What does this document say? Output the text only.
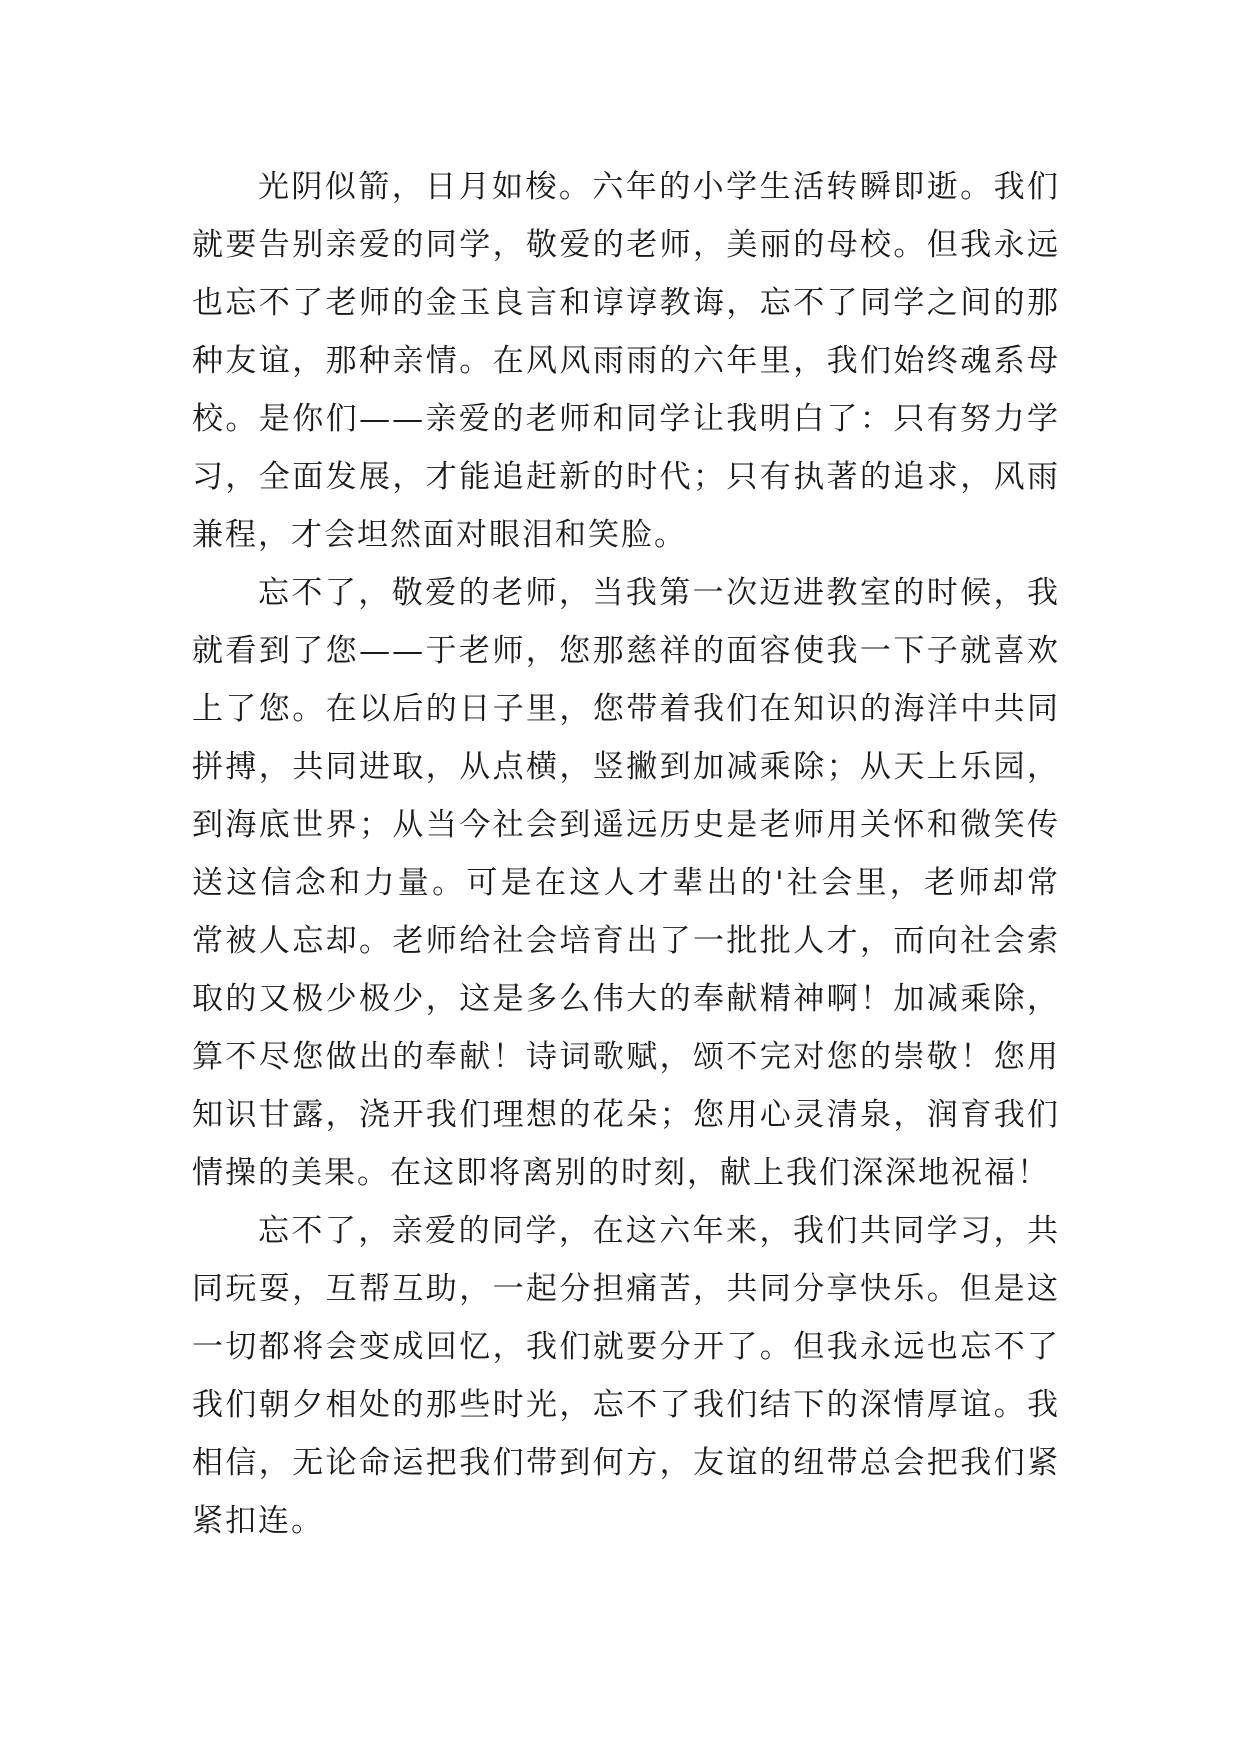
光阴似箭，日月如梭。六年的小学生活转瞬即逝。我们就要告别亲爱的同学，敬爱的老师，美丽的母校。但我永远也忘不了老师的金玉良言和谆谆教诲，忘不了同学之间的那种友谊，那种亲情。在风风雨雨的六年里，我们始终魂系母校。是你们——亲爱的老师和同学让我明白了：只有努力学习，全面发展，才能追赶新的时代；只有执著的追求，风雨兼程，才会坦然面对眼泪和笑脸。

忘不了，敬爱的老师，当我第一次迈进教室的时候，我就看到了您——于老师，您那慈祥的面容使我一下子就喜欢上了您。在以后的日子里，您带着我们在知识的海洋中共同拼搏，共同进取，从点横，竖撇到加减乘除；从天上乐园，到海底世界；从当今社会到遥远历史是老师用关怀和微笑传送这信念和力量。可是在这人才辈出的'社会里，老师却常常被人忘却。老师给社会培育出了一批批人才，而向社会索取的又极少极少，这是多么伟大的奉献精神啊！加减乘除，算不尽您做出的奉献！诗词歌赋，颂不完对您的崇敬！您用知识甘露，浇开我们理想的花朵；您用心灵清泉，润育我们情操的美果。在这即将离别的时刻，献上我们深深地祝福！

忘不了，亲爱的同学，在这六年来，我们共同学习，共同玩耍，互帮互助，一起分担痛苦，共同分享快乐。但是这一切都将会变成回忆，我们就要分开了。但我永远也忘不了我们朝夕相处的那些时光，忘不了我们结下的深情厚谊。我相信，无论命运把我们带到何方，友谊的纽带总会把我们紧紧扣连。
